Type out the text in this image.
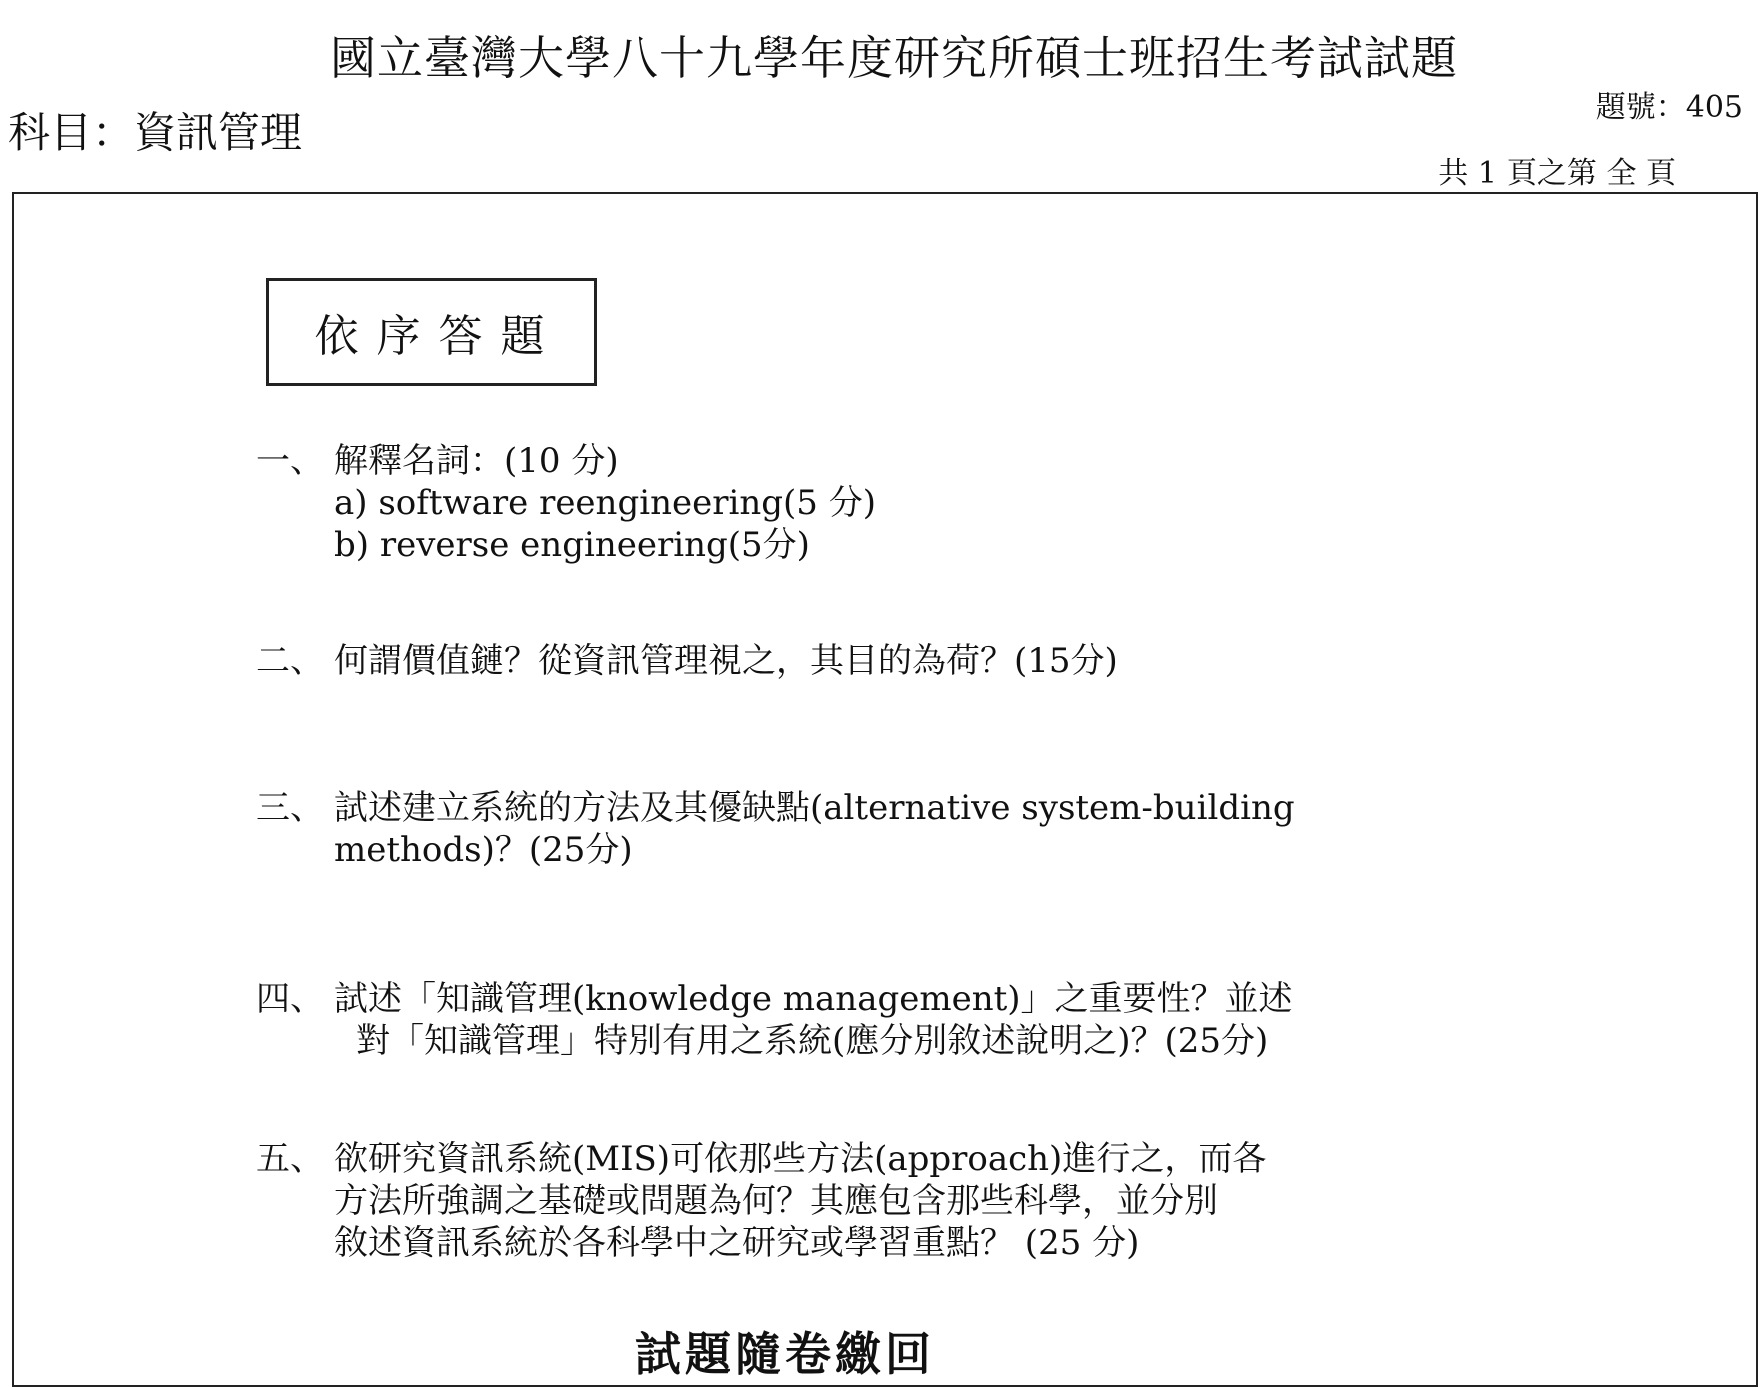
國立臺灣大學八十九學年度研究所碩士班招生考試試題
科目：資訊管理
題號：405
共 1 頁之第 全 頁
依序答題
一、 解釋名詞：(10 分)
a) software reengineering(5 分)
b) reverse engineering(5分)
二、 何謂價值鏈？從資訊管理視之，其目的為荷？(15分)
三、 試述建立系統的方法及其優缺點(alternative system-building
methods)？(25分)
四、 試述「知識管理(knowledge management)」之重要性？並述
對「知識管理」特別有用之系統(應分別敘述說明之)？(25分)
五、 欲研究資訊系統(MIS)可依那些方法(approach)進行之，而各
方法所強調之基礎或問題為何？其應包含那些科學，並分別
敘述資訊系統於各科學中之研究或學習重點？ (25 分)
試題隨卷繳回
